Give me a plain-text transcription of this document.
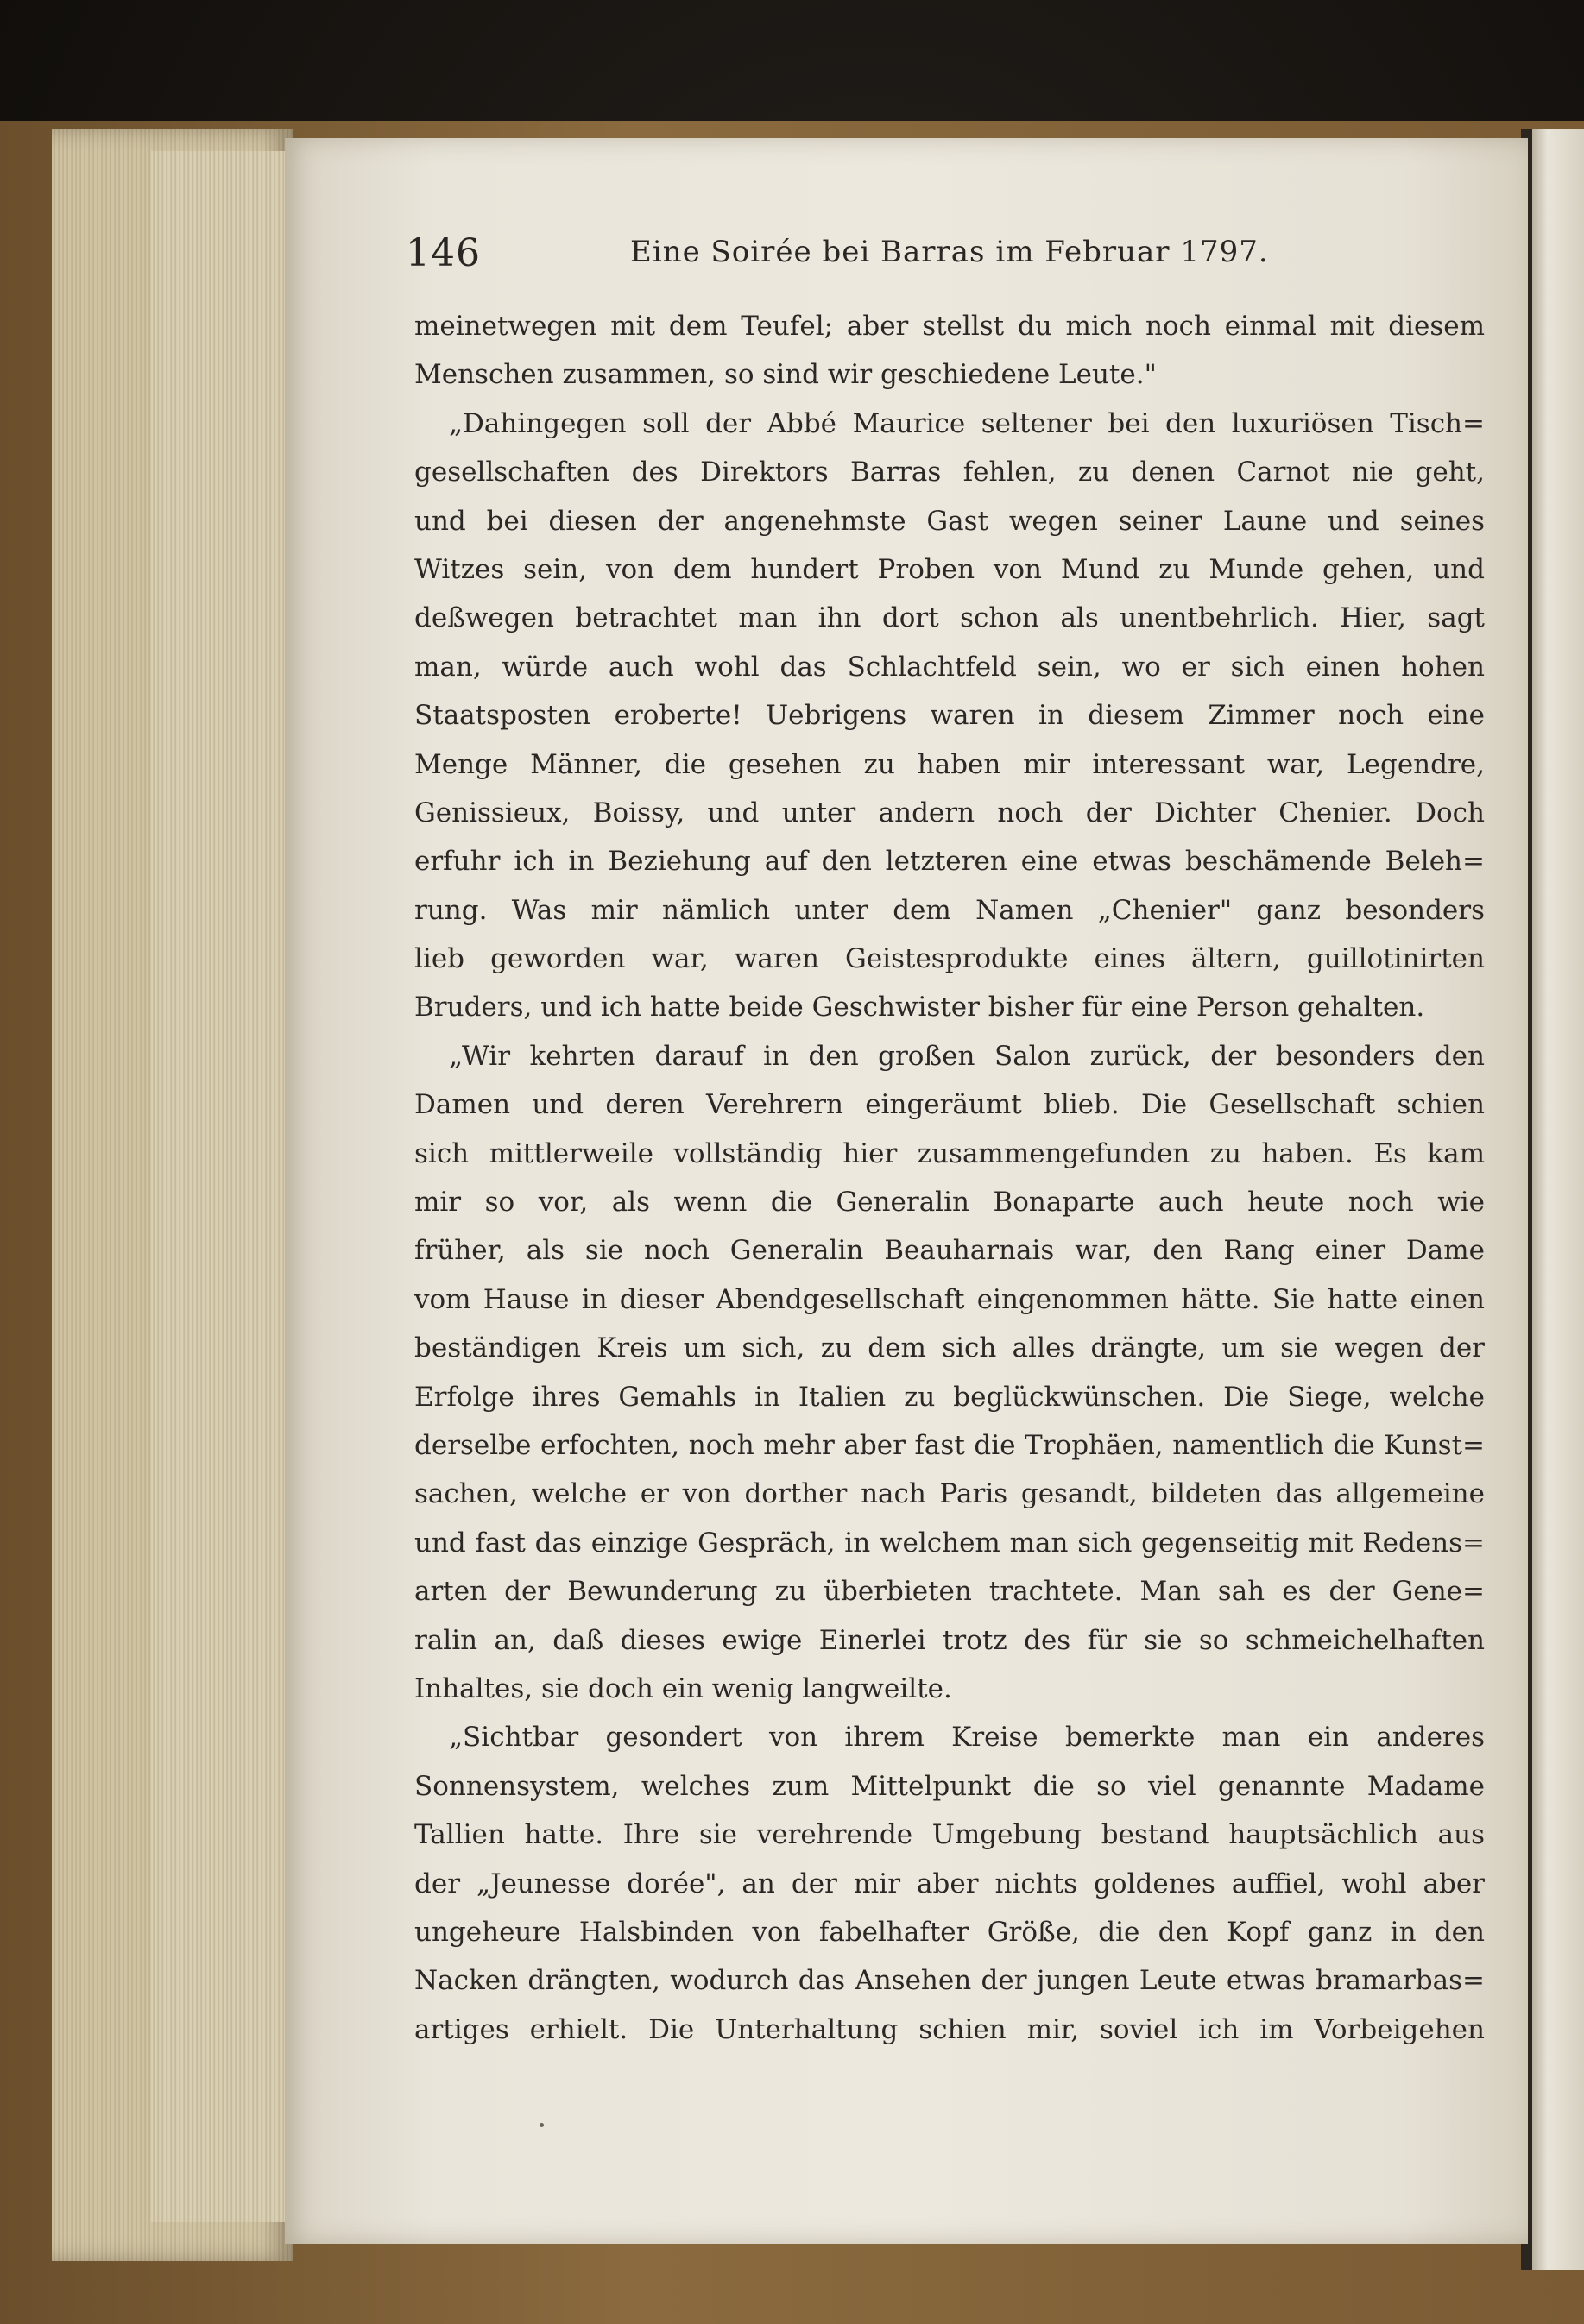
146	Eine Soirée bei Barras im Februar 1797.
meinetwegen mit dem Teufel; aber stellst du mich noch einmal mit diesem
Menschen zusammen, so sind wir geschiedene Leute."
„Dahingegen soll der Abbé Maurice seltener bei den luxuriösen Tisch=
gesellschaften des Direktors Barras fehlen, zu denen Carnot nie geht,
und bei diesen der angenehmste Gast wegen seiner Laune und seines
Witzes sein, von dem hundert Proben von Mund zu Munde gehen, und
deßwegen betrachtet man ihn dort schon als unentbehrlich. Hier, sagt
man, würde auch wohl das Schlachtfeld sein, wo er sich einen hohen
Staatsposten eroberte! Uebrigens waren in diesem Zimmer noch eine
Menge Männer, die gesehen zu haben mir interessant war, Legendre,
Genissieux, Boissy, und unter andern noch der Dichter Chenier. Doch
erfuhr ich in Beziehung auf den letzteren eine etwas beschämende Beleh=
rung. Was mir nämlich unter dem Namen „Chenier" ganz besonders
lieb geworden war, waren Geistesprodukte eines ältern, guillotinirten
Bruders, und ich hatte beide Geschwister bisher für eine Person gehalten.
„Wir kehrten darauf in den großen Salon zurück, der besonders den
Damen und deren Verehrern eingeräumt blieb. Die Gesellschaft schien
sich mittlerweile vollständig hier zusammengefunden zu haben. Es kam
mir so vor, als wenn die Generalin Bonaparte auch heute noch wie
früher, als sie noch Generalin Beauharnais war, den Rang einer Dame
vom Hause in dieser Abendgesellschaft eingenommen hätte. Sie hatte einen
beständigen Kreis um sich, zu dem sich alles drängte, um sie wegen der
Erfolge ihres Gemahls in Italien zu beglückwünschen. Die Siege, welche
derselbe erfochten, noch mehr aber fast die Trophäen, namentlich die Kunst=
sachen, welche er von dorther nach Paris gesandt, bildeten das allgemeine
und fast das einzige Gespräch, in welchem man sich gegenseitig mit Redens=
arten der Bewunderung zu überbieten trachtete. Man sah es der Gene=
ralin an, daß dieses ewige Einerlei trotz des für sie so schmeichelhaften
Inhaltes, sie doch ein wenig langweilte.
„Sichtbar gesondert von ihrem Kreise bemerkte man ein anderes
Sonnensystem, welches zum Mittelpunkt die so viel genannte Madame
Tallien hatte. Ihre sie verehrende Umgebung bestand hauptsächlich aus
der „Jeunesse dorée", an der mir aber nichts goldenes auffiel, wohl aber
ungeheure Halsbinden von fabelhafter Größe, die den Kopf ganz in den
Nacken drängten, wodurch das Ansehen der jungen Leute etwas bramarbas=
artiges erhielt. Die Unterhaltung schien mir, soviel ich im Vorbeigehen
